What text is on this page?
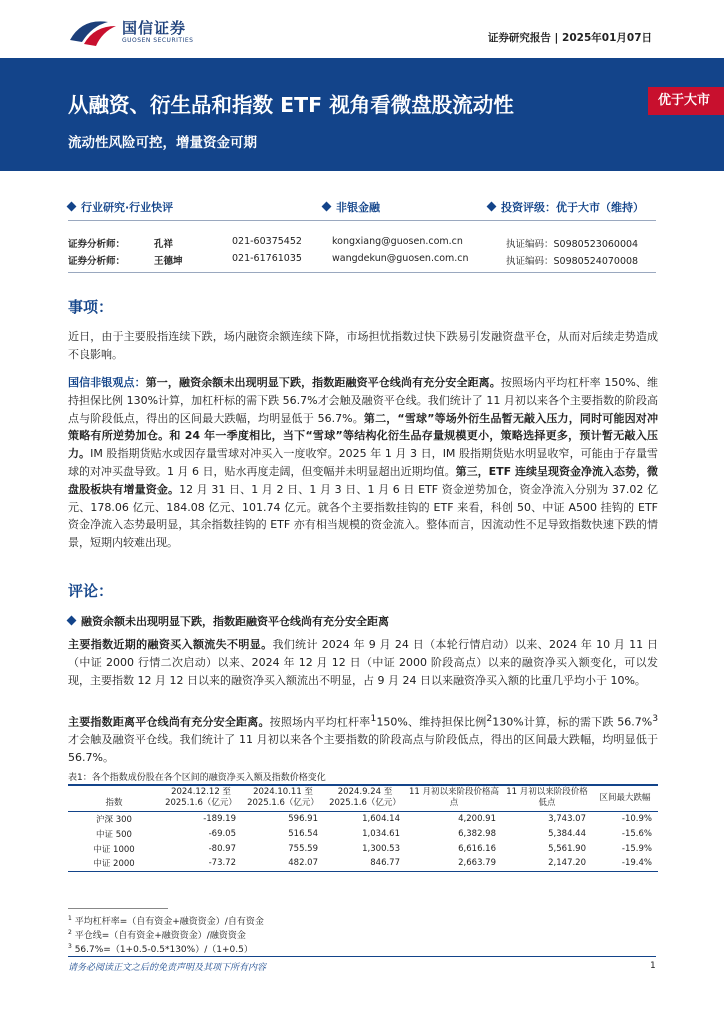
国信证券
GUOSEN SECURITIES	证券研究报告 | 2025年01月07日
从融资、衍生品和指数 ETF 视角看微盘股流动性
流动性风险可控，增量资金可期
优于大市
行业研究·行业快评	非银金融	投资评级：优于大市（维持）
证券分析师：	孔祥	021-60375452	kongxiang@guosen.com.cn	执证编码：S0980523060004
证券分析师：	王德坤	021-61761035	wangdekun@guosen.com.cn	执证编码：S0980524070008
事项：
近日，由于主要股指连续下跌，场内融资余额连续下降，市场担忧指数过快下跌易引发融资盘平仓，从而对后续走势造成不良影响。
国信非银观点：第一，融资余额未出现明显下跌，指数距融资平仓线尚有充分安全距离。按照场内平均杠杆率 150%、维持担保比例 130%计算，加杠杆标的需下跌 56.7%才会触及融资平仓线。我们统计了 11 月初以来各个主要指数的阶段高点与阶段低点，得出的区间最大跌幅，均明显低于 56.7%。第二，“雪球”等场外衍生品暂无敲入压力，同时可能因对冲策略有所逆势加仓。和 24 年一季度相比，当下“雪球”等结构化衍生品存量规模更小，策略选择更多，预计暂无敲入压力。IM 股指期货贴水或因存量雪球对冲买入一度收窄。2025 年 1 月 3 日，IM 股指期货贴水明显收窄，可能由于存量雪球的对冲买盘导致。1 月 6 日，贴水再度走阔，但变幅并未明显超出近期均值。第三，ETF 连续呈现资金净流入态势，微盘股板块有增量资金。12 月 31 日、1 月 2 日、1 月 3 日、1 月 6 日 ETF 资金逆势加仓，资金净流入分别为 37.02 亿元、178.06 亿元、184.08 亿元、101.74 亿元。就各个主要指数挂钩的 ETF 来看，科创 50、中证 A500 挂钩的 ETF 资金净流入态势最明显，其余指数挂钩的 ETF 亦有相当规模的资金流入。整体而言，因流动性不足导致指数快速下跌的情景，短期内较难出现。
评论：
融资余额未出现明显下跌，指数距融资平仓线尚有充分安全距离
主要指数近期的融资买入额流失不明显。我们统计 2024 年 9 月 24 日（本轮行情启动）以来、2024 年 10 月 11 日（中证 2000 行情二次启动）以来、2024 年 12 月 12 日（中证 2000 阶段高点）以来的融资净买入额变化，可以发现，主要指数 12 月 12 日以来的融资净买入额流出不明显，占 9 月 24 日以来融资净买入额的比重几乎均小于 10%。
主要指数距离平仓线尚有充分安全距离。按照场内平均杠杆率$^1$150%、维持担保比例$^2$130%计算，标的需下跌 56.7%$^3$才会触及融资平仓线。我们统计了 11 月初以来各个主要指数的阶段高点与阶段低点，得出的区间最大跌幅，均明显低于 56.7%。
表1：各个指数成份股在各个区间的融资净买入额及指数价格变化
指数	2024.12.12 至 2025.1.6（亿元）	2024.10.11 至 2025.1.6（亿元）	2024.9.24 至 2025.1.6（亿元）	11 月初以来阶段价格高点	11 月初以来阶段价格低点	区间最大跌幅
沪深 300	-189.19	596.91	1,604.14	4,200.91	3,743.07	-10.9%
中证 500	-69.05	516.54	1,034.61	6,382.98	5,384.44	-15.6%
中证 1000	-80.97	755.59	1,300.53	6,616.16	5,561.90	-15.9%
中证 2000	-73.72	482.07	846.77	2,663.79	2,147.20	-19.4%
$^1$ 平均杠杆率=（自有资金+融资资金）/自有资金
$^2$ 平仓线=（自有资金+融资资金）/融资资金
$^3$ 56.7%=（1+0.5-0.5*130%）/（1+0.5）
请务必阅读正文之后的免责声明及其项下所有内容	1
